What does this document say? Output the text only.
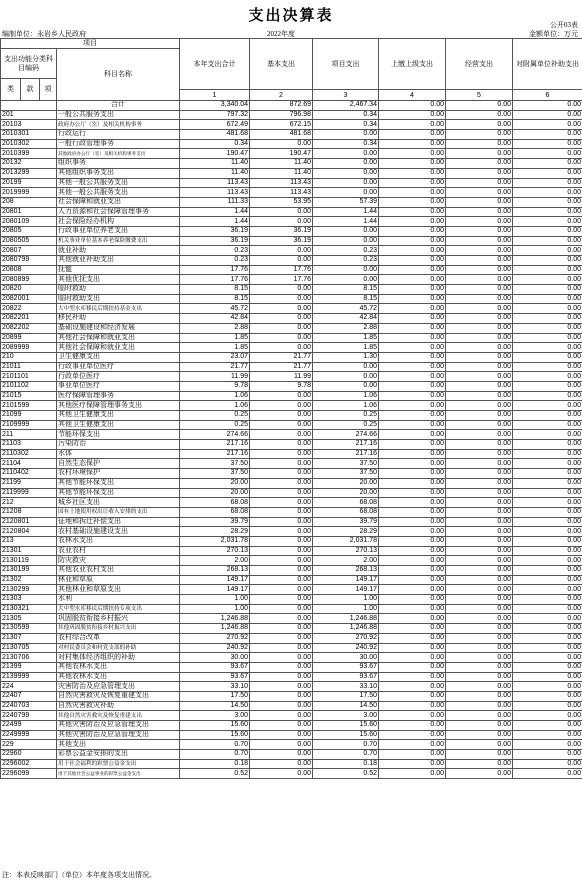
支出决算表
公开03表
编制单位：永岩乡人民政府	2022年度	金额单位：万元
项目				本年支出合计	基本支出	项目支出	上缴上级支出	经营支出	对附属单位补助支出
支出功能分类科目编码			科目名称						
类	款	项							
				1	2	3	4	5	6
			合计	3,340.04	872.69	2,467.34	0.00	0.00	0.00
201			一般公共服务支出	797.32	796.98	0.34	0.00	0.00	0.00
20103			政府办公厅（室）及相关机构事务	672.49	672.15	0.34	0.00	0.00	0.00
2010301			行政运行	481.68	481.68	0.00	0.00	0.00	0.00
2010302			一般行政管理事务	0.34	0.00	0.34	0.00	0.00	0.00
2010399			其他政府办公厅（室）及相关机构事务支出	190.47	190.47	0.00	0.00	0.00	0.00
20132			组织事务	11.40	11.40	0.00	0.00	0.00	0.00
2013299			其他组织事务支出	11.40	11.40	0.00	0.00	0.00	0.00
20199			其他一般公共服务支出	113.43	113.43	0.00	0.00	0.00	0.00
2019999			其他一般公共服务支出	113.43	113.43	0.00	0.00	0.00	0.00
208			社会保障和就业支出	111.33	53.95	57.39	0.00	0.00	0.00
20801			人力资源和社会保障管理事务	1.44	0.00	1.44	0.00	0.00	0.00
2080109			社会保险经办机构	1.44	0.00	1.44	0.00	0.00	0.00
20805			行政事业单位养老支出	36.19	36.19	0.00	0.00	0.00	0.00
2080505			机关事业单位基本养老保险缴费支出	36.19	36.19	0.00	0.00	0.00	0.00
20807			就业补助	0.23	0.00	0.23	0.00	0.00	0.00
2080799			其他就业补助支出	0.23	0.00	0.23	0.00	0.00	0.00
20808			抚恤	17.76	17.76	0.00	0.00	0.00	0.00
2080899			其他优抚支出	17.76	17.76	0.00	0.00	0.00	0.00
20820			临时救助	8.15	0.00	8.15	0.00	0.00	0.00
2082001			临时救助支出	8.15	0.00	8.15	0.00	0.00	0.00
20822			大中型水库移民后期扶持基金支出	45.72	0.00	45.72	0.00	0.00	0.00
2082201			移民补助	42.84	0.00	42.84	0.00	0.00	0.00
2082202			基础设施建设和经济发展	2.88	0.00	2.88	0.00	0.00	0.00
20899			其他社会保障和就业支出	1.85	0.00	1.85	0.00	0.00	0.00
2089999			其他社会保障和就业支出	1.85	0.00	1.85	0.00	0.00	0.00
210			卫生健康支出	23.07	21.77	1.30	0.00	0.00	0.00
21011			行政事业单位医疗	21.77	21.77	0.00	0.00	0.00	0.00
2101101			行政单位医疗	11.99	11.99	0.00	0.00	0.00	0.00
2101102			事业单位医疗	9.78	9.78	0.00	0.00	0.00	0.00
21015			医疗保障管理事务	1.06	0.00	1.06	0.00	0.00	0.00
2101599			其他医疗保障管理事务支出	1.06	0.00	1.06	0.00	0.00	0.00
21099			其他卫生健康支出	0.25	0.00	0.25	0.00	0.00	0.00
2109999			其他卫生健康支出	0.25	0.00	0.25	0.00	0.00	0.00
211			节能环保支出	274.66	0.00	274.66	0.00	0.00	0.00
21103			污染防治	217.16	0.00	217.16	0.00	0.00	0.00
2110302			水体	217.16	0.00	217.16	0.00	0.00	0.00
21104			自然生态保护	37.50	0.00	37.50	0.00	0.00	0.00
2110402			农村环境保护	37.50	0.00	37.50	0.00	0.00	0.00
21199			其他节能环保支出	20.00	0.00	20.00	0.00	0.00	0.00
2119999			其他节能环保支出	20.00	0.00	20.00	0.00	0.00	0.00
212			城乡社区支出	68.08	0.00	68.08	0.00	0.00	0.00
21208			国有土地使用权出让收入安排的支出	68.08	0.00	68.08	0.00	0.00	0.00
2120801			征地和拆迁补偿支出	39.79	0.00	39.79	0.00	0.00	0.00
2120804			农村基础设施建设支出	28.29	0.00	28.29	0.00	0.00	0.00
213			农林水支出	2,031.78	0.00	2,031.78	0.00	0.00	0.00
21301			农业农村	270.13	0.00	270.13	0.00	0.00	0.00
2130119			防灾救灾	2.00	0.00	2.00	0.00	0.00	0.00
2130199			其他农业农村支出	268.13	0.00	268.13	0.00	0.00	0.00
21302			林业和草原	149.17	0.00	149.17	0.00	0.00	0.00
2130299			其他林业和草原支出	149.17	0.00	149.17	0.00	0.00	0.00
21303			水利	1.00	0.00	1.00	0.00	0.00	0.00
2130321			大中型水库移民后期扶持专项支出	1.00	0.00	1.00	0.00	0.00	0.00
21305			巩固脱贫衔接乡村振兴	1,246.88	0.00	1,246.88	0.00	0.00	0.00
2130599			其他巩固脱贫衔接乡村振兴支出	1,246.88	0.00	1,246.88	0.00	0.00	0.00
21307			农村综合改革	270.92	0.00	270.92	0.00	0.00	0.00
2130705			对村民委员会和村党支部的补助	240.92	0.00	240.92	0.00	0.00	0.00
2130706			对村集体经济组织的补助	30.00	0.00	30.00	0.00	0.00	0.00
21399			其他农林水支出	93.67	0.00	93.67	0.00	0.00	0.00
2139999			其他农林水支出	93.67	0.00	93.67	0.00	0.00	0.00
224			灾害防治及应急管理支出	33.10	0.00	33.10	0.00	0.00	0.00
22407			自然灾害救灾及恢复重建支出	17.50	0.00	17.50	0.00	0.00	0.00
2240703			自然灾害救灾补助	14.50	0.00	14.50	0.00	0.00	0.00
2240799			其他自然灾害救灾及恢复重建支出	3.00	0.00	3.00	0.00	0.00	0.00
22499			其他灾害防治及应急管理支出	15.60	0.00	15.60	0.00	0.00	0.00
2249999			其他灾害防治及应急管理支出	15.60	0.00	15.60	0.00	0.00	0.00
229			其他支出	0.70	0.00	0.70	0.00	0.00	0.00
22960			彩票公益金安排的支出	0.70	0.00	0.70	0.00	0.00	0.00
2296002			用于社会福利的彩票公益金支出	0.18	0.00	0.18	0.00	0.00	0.00
2296099			用于其他社会公益事业的彩票公益金支出	0.52	0.00	0.52	0.00	0.00	0.00
注：本表反映部门（单位）本年度各项支出情况。
